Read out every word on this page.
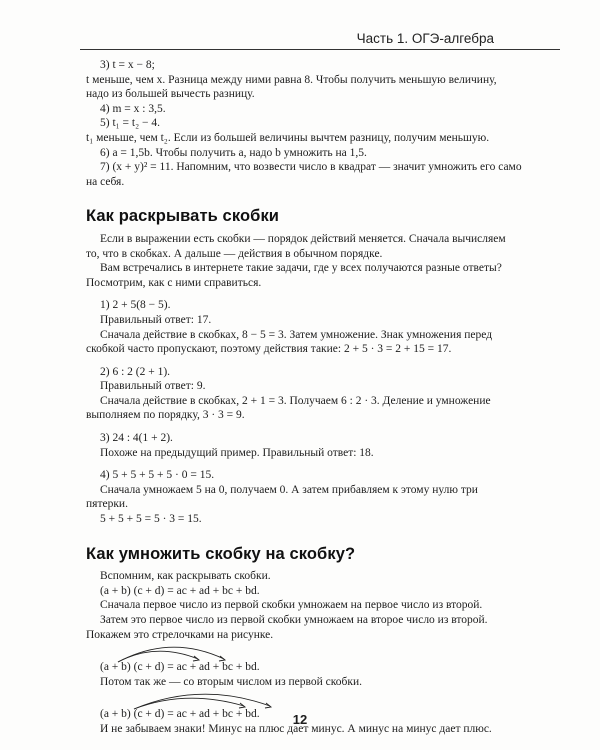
Часть 1. ОГЭ-алгебра

3) t = x − 8;

t меньше, чем x. Разница между ними равна 8. Чтобы получить меньшую величину, надо из большей вычесть разницу.

4) m = x : 3,5.

5) t₁ = t₂ − 4.

t₁ меньше, чем t₂. Если из большей величины вычтем разницу, получим меньшую.

6) a = 1,5b. Чтобы получить a, надо b умножить на 1,5.

7) (x + y)² = 11. Напомним, что возвести число в квадрат — значит умножить его само на себя.

Как раскрывать скобки

Если в выражении есть скобки — порядок действий меняется. Сначала вычисляем то, что в скобках. А дальше — действия в обычном порядке.

Вам встречались в интернете такие задачи, где у всех получаются разные ответы? Посмотрим, как с ними справиться.

1) 2 + 5(8 − 5).

Правильный ответ: 17.

Сначала действие в скобках, 8 − 5 = 3. Затем умножение. Знак умножения перед скобкой часто пропускают, поэтому действия такие: 2 + 5 · 3 = 2 + 15 = 17.

2) 6 : 2 (2 + 1).

Правильный ответ: 9.

Сначала действие в скобках, 2 + 1 = 3. Получаем 6 : 2 · 3. Деление и умножение выполняем по порядку, 3 · 3 = 9.

3) 24 : 4(1 + 2).

Похоже на предыдущий пример. Правильный ответ: 18.

4) 5 + 5 + 5 + 5 · 0 = 15.

Сначала умножаем 5 на 0, получаем 0. А затем прибавляем к этому нулю три пятерки.

5 + 5 + 5 = 5 · 3 = 15.

Как умножить скобку на скобку?

Вспомним, как раскрывать скобки.

(a + b) (c + d) = ac + ad + bc + bd.

Сначала первое число из первой скобки умножаем на первое число из второй.

Затем это первое число из первой скобки умножаем на второе число из второй. Покажем это стрелочками на рисунке.

(a + b) (c + d) = ac + ad + bc + bd.

Потом так же — со вторым числом из первой скобки.

(a + b) (c + d) = ac + ad + bc + bd.

И не забываем знаки! Минус на плюс дает минус. А минус на минус дает плюс.

12
